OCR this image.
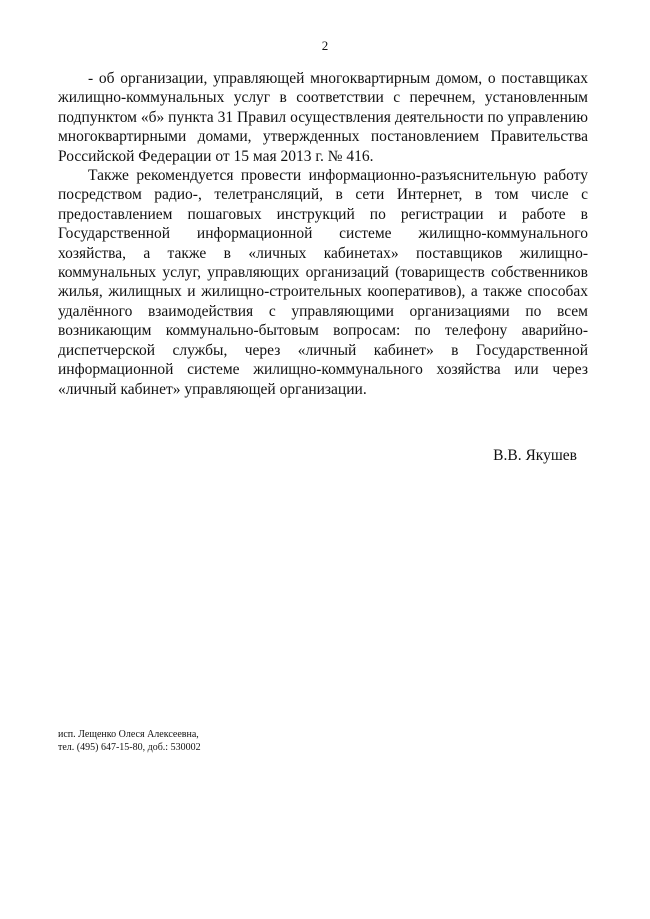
2

- об организации, управляющей многоквартирным домом, о поставщиках жилищно-коммунальных услуг в соответствии с перечнем, установленным подпунктом «б» пункта 31 Правил осуществления деятельности по управлению многоквартирными домами, утвержденных постановлением Правительства Российской Федерации от 15 мая 2013 г. № 416.

Также рекомендуется провести информационно-разъяснительную работу посредством радио-, телетрансляций, в сети Интернет, в том числе с предоставлением пошаговых инструкций по регистрации и работе в Государственной информационной системе жилищно-коммунального хозяйства, а также в «личных кабинетах» поставщиков жилищно-коммунальных услуг, управляющих организаций (товариществ собственников жилья, жилищных и жилищно-строительных кооперативов), а также способах удалённого взаимодействия с управляющими организациями по всем возникающим коммунально-бытовым вопросам: по телефону аварийно-диспетчерской службы, через «личный кабинет» в Государственной информационной системе жилищно-коммунального хозяйства или через «личный кабинет» управляющей организации.

В.В. Якушев
исп. Лещенко Олеся Алексеевна,
тел. (495) 647-15-80, доб.: 530002
